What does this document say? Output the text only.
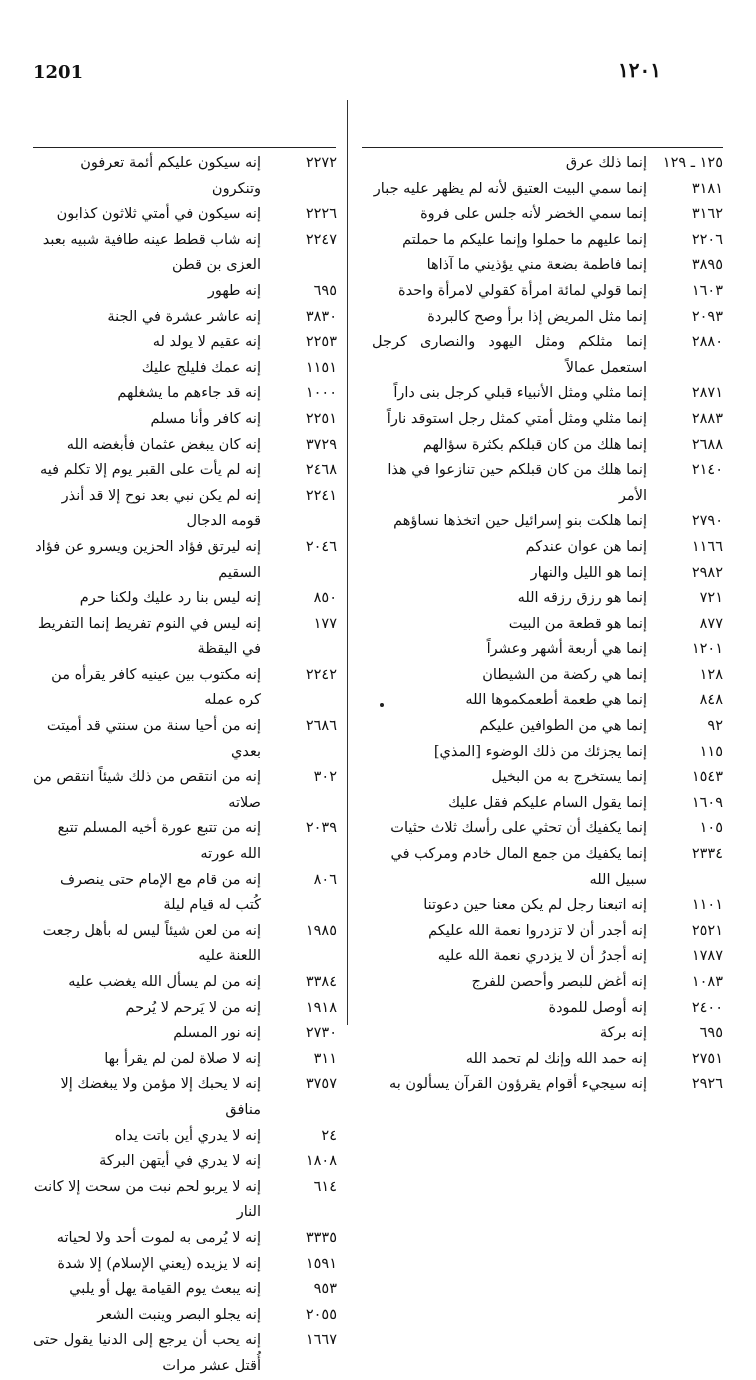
1201	١٢٠١
٢٢٧٢
إنه سيكون عليكم أئمة تعرفون وتنكرون
٢٢٢٦
إنه سيكون في أمتي ثلاثون كذابون
٢٢٤٧
إنه شاب قطط عينه طافية شبيه بعبد العزى بن قطن
٦٩٥
إنه طهور
٣٨٣٠
إنه عاشر عشرة في الجنة
٢٢٥٣
إنه عقيم لا يولد له
١١٥١
إنه عمك فليلج عليك
١٠٠٠
إنه قد جاءهم ما يشغلهم
٢٢٥١
إنه كافر وأنا مسلم
٣٧٢٩
إنه كان يبغض عثمان فأبغضه الله
٢٤٦٨
إنه لم يأت على القبر يوم إلا تكلم فيه
٢٢٤١
إنه لم يكن نبي بعد نوح إلا قد أنذر قومه الدجال
٢٠٤٦
إنه ليرتق فؤاد الحزين ويسرو عن فؤاد السقيم
٨٥٠
إنه ليس بنا رد عليك ولكنا حرم
١٧٧
إنه ليس في النوم تفريط إنما التفريط في اليقظة
٢٢٤٢
إنه مكتوب بين عينيه كافر يقرأه من كره عمله
٢٦٨٦
إنه من أحيا سنة من سنتي قد أميتت بعدي
٣٠٢
إنه من انتقص من ذلك شيئاً انتقص من صلاته
٢٠٣٩
إنه من تتبع عورة أخيه المسلم تتبع الله عورته
٨٠٦
إنه من قام مع الإمام حتى ينصرف كُتب له قيام ليلة
١٩٨٥
إنه من لعن شيئاً ليس له بأهل رجعت اللعنة عليه
٣٣٨٤
إنه من لم يسأل الله يغضب عليه
١٩١٨
إنه من لا يَرحم لا يُرحم
٢٧٣٠
إنه نور المسلم
٣١١
إنه لا صلاة لمن لم يقرأ بها
٣٧٥٧
إنه لا يحبك إلا مؤمن ولا يبغضك إلا منافق
٢٤
إنه لا يدري أين باتت يداه
١٨٠٨
إنه لا يدري في أيتهن البركة
٦١٤
إنه لا يربو لحم نبت من سحت إلا كانت النار
٣٣٣٥
إنه لا يُرمى به لموت أحد ولا لحياته
١٥٩١
إنه لا يزيده (يعني الإسلام) إلا شدة
٩٥٣
إنه يبعث يوم القيامة يهل أو يلبي
٢٠٥٥
إنه يجلو البصر وينبت الشعر
١٦٦٧
إنه يحب أن يرجع إلى الدنيا يقول حتى أُقتل عشر مرات
١٢٥ ـ ١٢٩
إنما ذلك عرق
٣١٨١
إنما سمي البيت العتيق لأنه لم يظهر عليه جبار
٣١٦٢
إنما سمي الخضر لأنه جلس على فروة
٢٢٠٦
إنما عليهم ما حملوا وإنما عليكم ما حملتم
٣٨٩٥
إنما فاطمة بضعة مني يؤذيني ما آذاها
١٦٠٣
إنما قولي لمائة امرأة كقولي لامرأة واحدة
٢٠٩٣
إنما مثل المريض إذا برأ وصح كالبردة
٢٨٨٠
إنما مثلكم ومثل اليهود والنصارى كرجل استعمل عمالاً
٢٨٧١
إنما مثلي ومثل الأنبياء قبلي كرجل بنى داراً
٢٨٨٣
إنما مثلي ومثل أمتي كمثل رجل استوقد ناراً
٢٦٨٨
إنما هلك من كان قبلكم بكثرة سؤالهم
٢١٤٠
إنما هلك من كان قبلكم حين تنازعوا في هذا الأمر
٢٧٩٠
إنما هلكت بنو إسرائيل حين اتخذها نساؤهم
١١٦٦
إنما هن عوان عندكم
٢٩٨٢
إنما هو الليل والنهار
٧٢١
إنما هو رزق رزقه الله
٨٧٧
إنما هو قطعة من البيت
١٢٠١
إنما هي أربعة أشهر وعشراً
١٢٨
إنما هي ركضة من الشيطان
٨٤٨
إنما هي طعمة أطعمكموها الله
٩٢
إنما هي من الطوافين عليكم
١١٥
إنما يجزئك من ذلك الوضوء [المذي]
١٥٤٣
إنما يستخرج به من البخيل
١٦٠٩
إنما يقول السام عليكم فقل عليك
١٠٥
إنما يكفيك أن تحثي على رأسك ثلاث حثيات
٢٣٣٤
إنما يكفيك من جمع المال خادم ومركب في سبيل الله
١١٠١
إنه اتبعنا رجل لم يكن معنا حين دعوتنا
٢٥٢١
إنه أجدر أن لا تزدروا نعمة الله عليكم
١٧٨٧
إنه أجدرُ أن لا يزدري نعمة الله عليه
١٠٨٣
إنه أغض للبصر وأحصن للفرج
٢٤٠٠
إنه أوصل للمودة
٦٩٥
إنه بركة
٢٧٥١
إنه حمد الله وإنك لم تحمد الله
٢٩٢٦
إنه سيجيء أقوام يقرؤون القرآن يسألون به
